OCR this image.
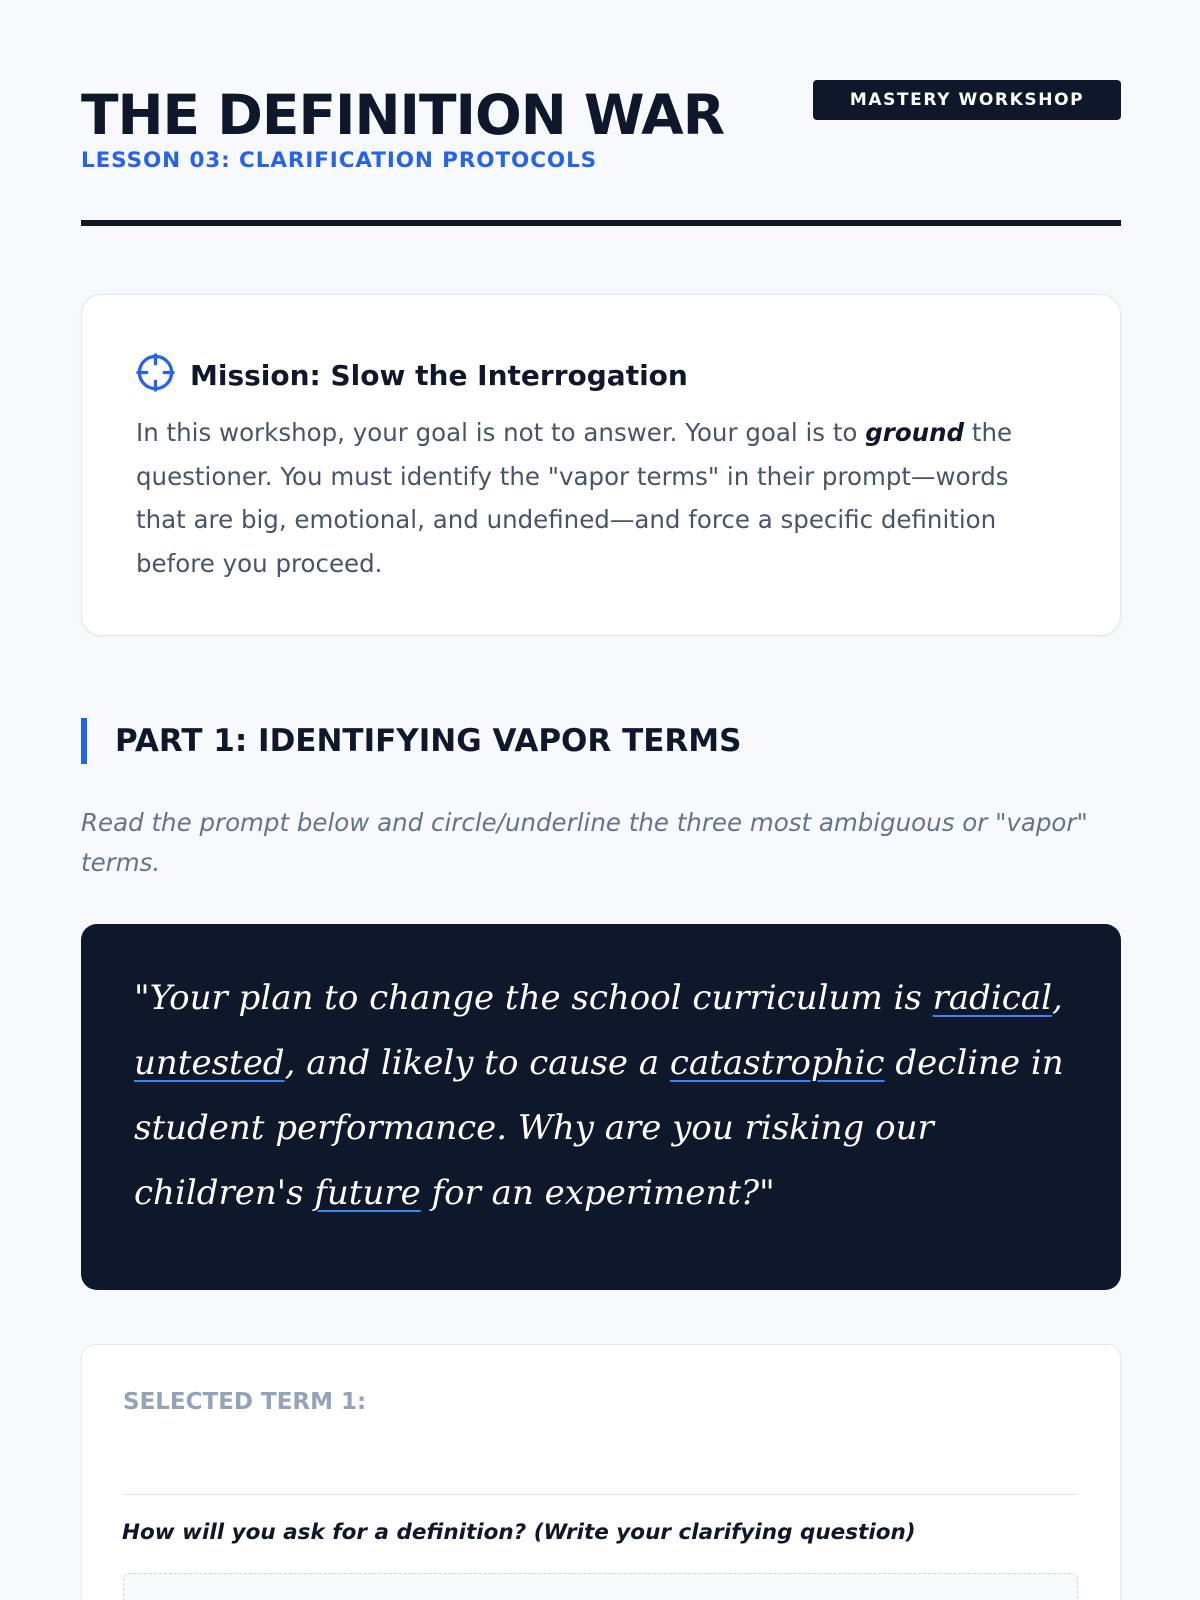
THE DEFINITION WAR	MASTERY WORKSHOP
LESSON 03: CLARIFICATION PROTOCOLS
Mission: Slow the Interrogation

In this workshop, your goal is not to answer. Your goal is to ground the questioner. You must identify the "vapor terms" in their prompt—words that are big, emotional, and undefined—and force a specific definition before you proceed.

PART 1: IDENTIFYING VAPOR TERMS

Read the prompt below and circle/underline the three most ambiguous or "vapor" terms.

"Your plan to change the school curriculum is radical, untested, and likely to cause a catastrophic decline in student performance. Why are you risking our children's future for an experiment?"

SELECTED TERM 1:
How will you ask for a definition? (Write your clarifying question)
